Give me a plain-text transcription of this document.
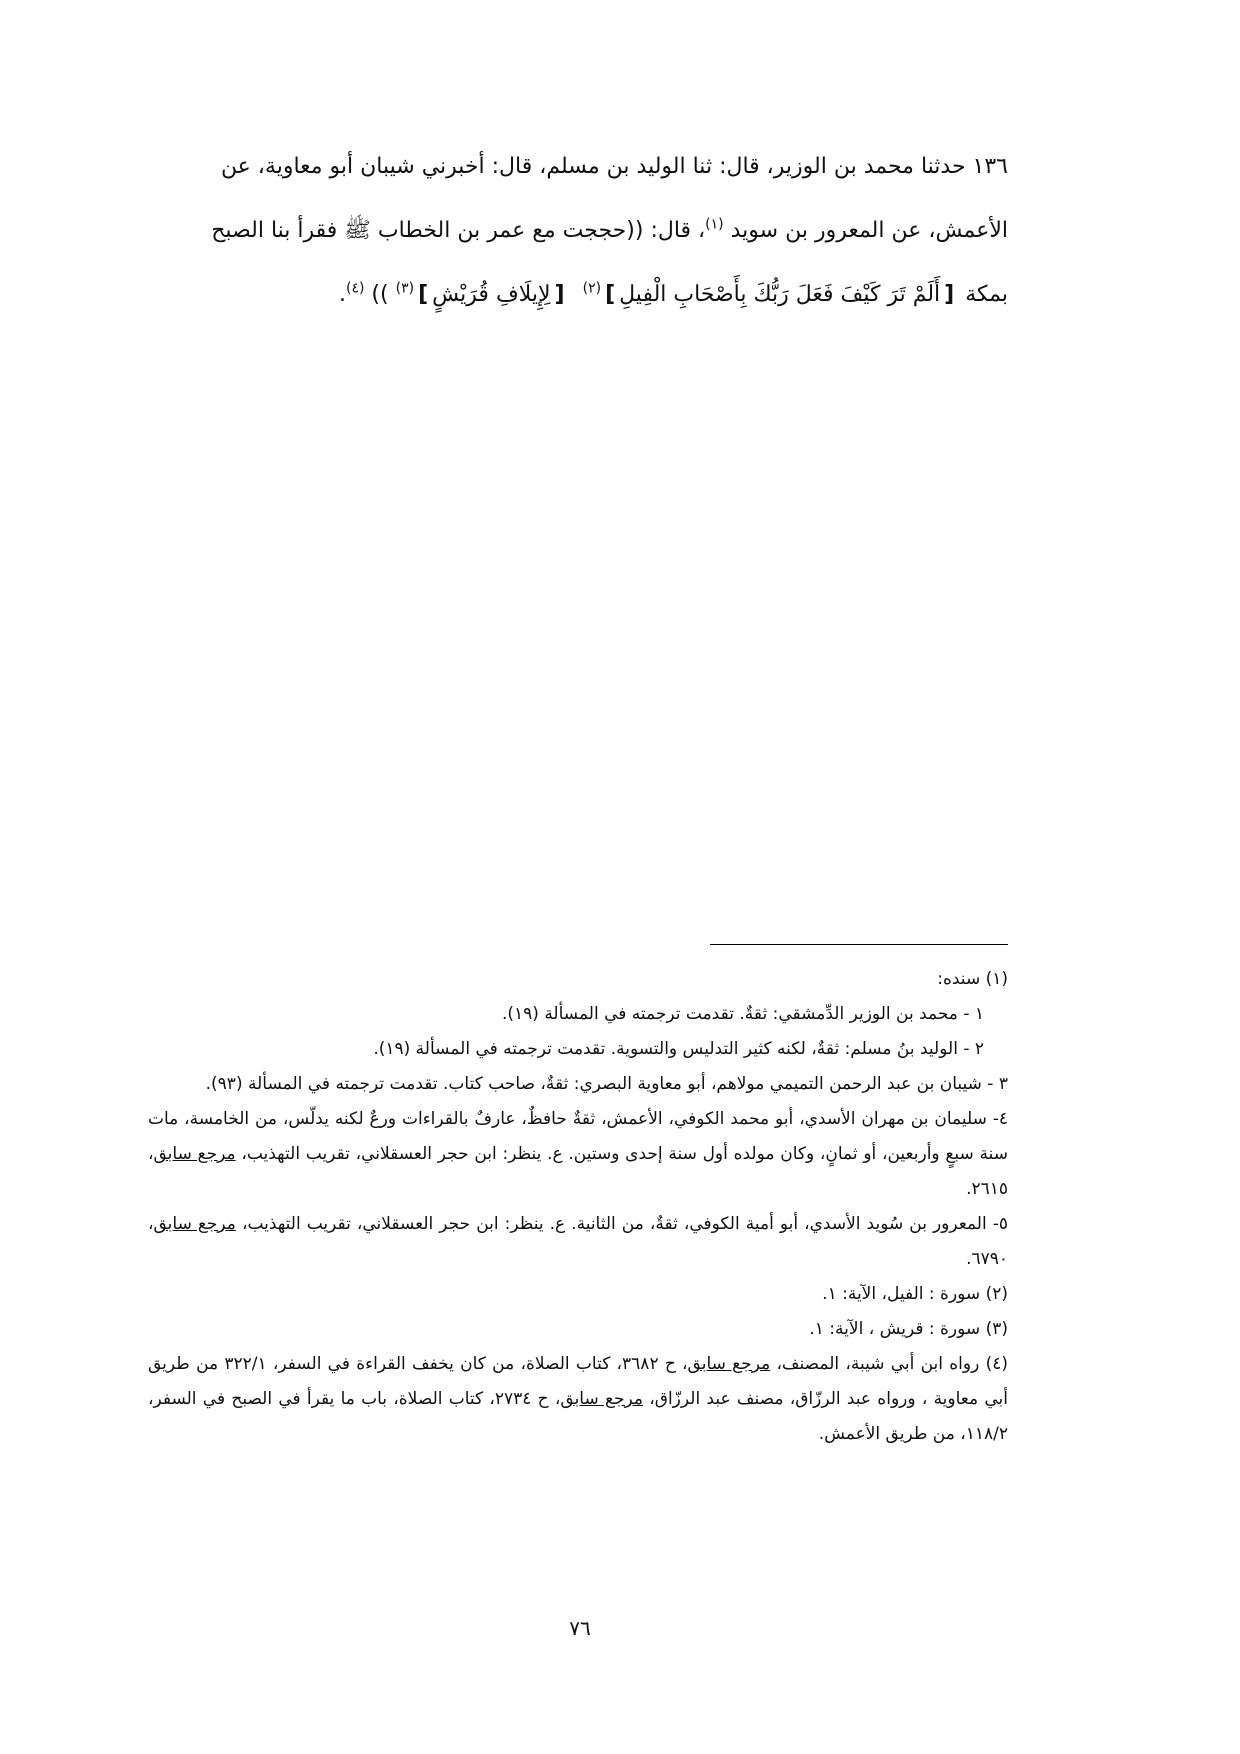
١٣٦ حدثنا محمد بن الوزير، قال: ثنا الوليد بن مسلم، قال: أخبرني شيبان أبو معاوية، عن

الأعمش، عن المعرور بن سويد $^{(١)}$، قال: ((حججت مع عمر بن الخطاب ﷺ فقرأ بنا الصبح

بمكة [أَلَمْ تَرَ كَيْفَ فَعَلَ رَبُّكَ بِأَصْحَابِ الْفِيلِ]$^{(٢)}$  [لِإِيلَافِ قُرَيْشٍ]$^{(٣)}$ )) $^{(٤)}$.

(١) سنده:

١ - محمد بن الوزير الدِّمشقي: ثقةٌ. تقدمت ترجمته في المسألة (١٩).

٢ - الوليد بنُ مسلم: ثقةٌ، لكنه كثير التدليس والتسوية. تقدمت ترجمته في المسألة (١٩).

٣ - شيبان بن عبد الرحمن التميمي مولاهم، أبو معاوية البصري: ثقةٌ، صاحب كتاب. تقدمت ترجمته في المسألة (٩٣).

٤- سليمان بن مهران الأسدي، أبو محمد الكوفي، الأعمش، ثقةٌ حافظٌ، عارفٌ بالقراءات ورعٌ لكنه يدلّس، من الخامسة، مات سنة سبعٍ وأربعين، أو ثمانٍ، وكان مولده أول سنة إحدى وستين. ع. ينظر: ابن حجر العسقلاني، تقريب التهذيب، مرجع سابق، ٢٦١٥.

٥- المعرور بن سُويد الأسدي، أبو أمية الكوفي، ثقةٌ، من الثانية. ع. ينظر: ابن حجر العسقلاني، تقريب التهذيب، مرجع سابق، ٦٧٩٠.

(٢) سورة : الفيل، الآية: ١.

(٣) سورة : قريش ، الآية: ١.

(٤) رواه ابن أبي شيبة، المصنف، مرجع سابق، ح ٣٦٨٢، كتاب الصلاة، من كان يخفف القراءة في السفر، ٣٢٢/١ من طريق أبي معاوية ، ورواه عبد الرزّاق، مصنف عبد الرزّاق، مرجع سابق، ح ٢٧٣٤، كتاب الصلاة، باب ما يقرأ في الصبح في السفر، ١١٨/٢، من طريق الأعمش.

٧٦
